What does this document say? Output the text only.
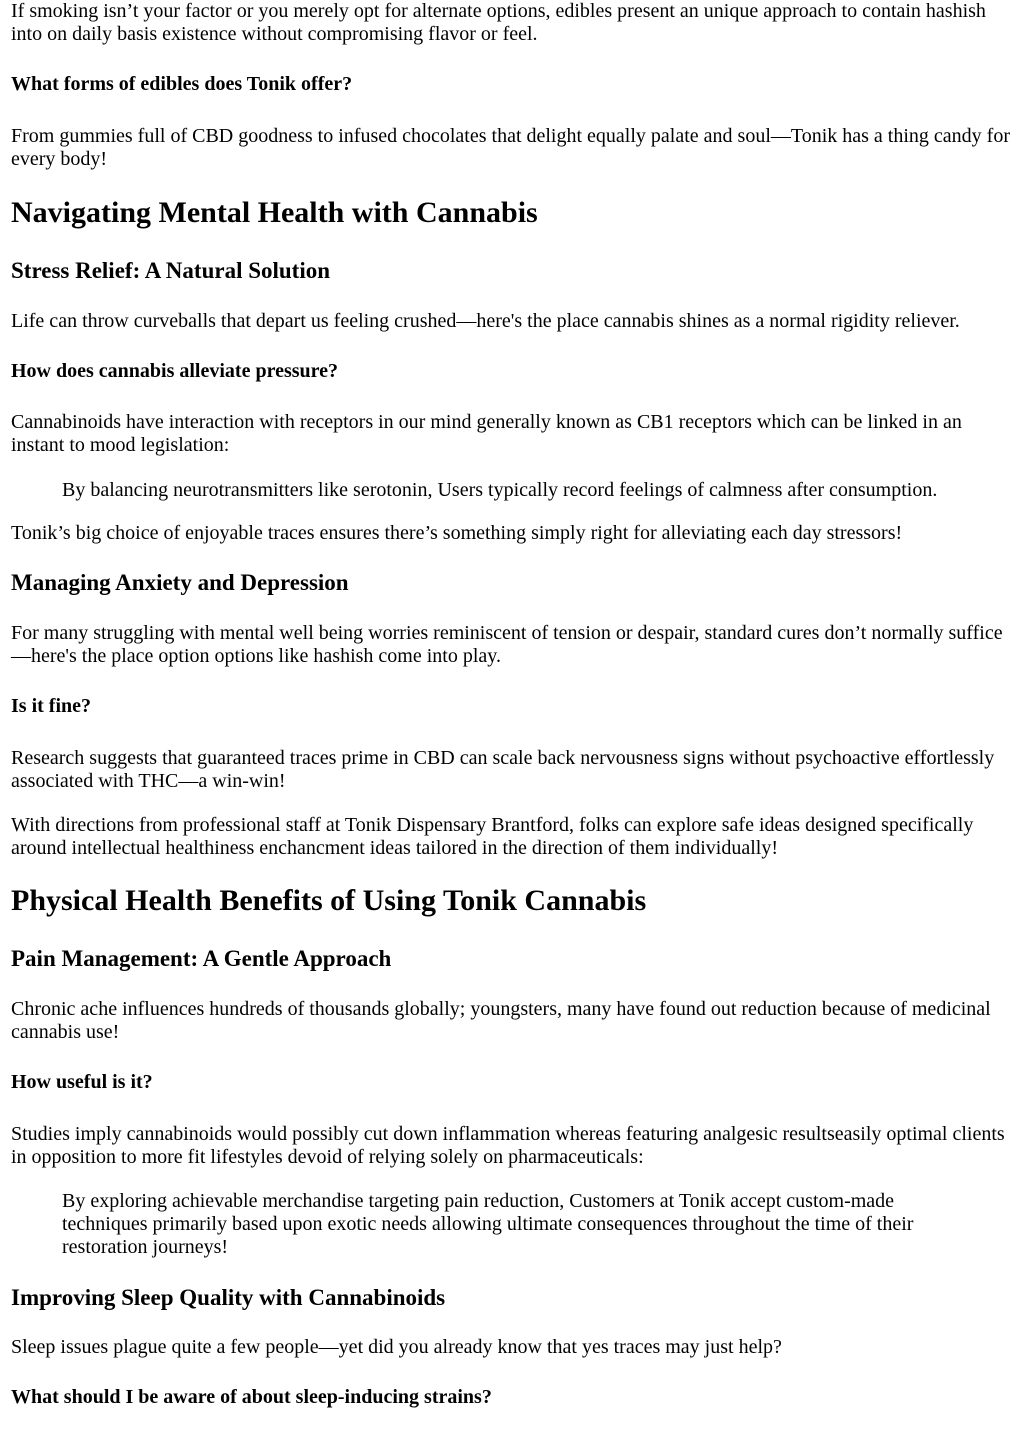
If smoking isn’t your factor or you merely opt for alternate options, edibles present an unique approach to contain hashish into on daily basis existence without compromising flavor or feel.

What forms of edibles does Tonik offer?

From gummies full of CBD goodness to infused chocolates that delight equally palate and soul—Tonik has a thing candy for every body!

Navigating Mental Health with Cannabis
Stress Relief: A Natural Solution

Life can throw curveballs that depart us feeling crushed—here's the place cannabis shines as a normal rigidity reliever.

How does cannabis alleviate pressure?

Cannabinoids have interaction with receptors in our mind generally known as CB1 receptors which can be linked in an instant to mood legislation:

By balancing neurotransmitters like serotonin, Users typically record feelings of calmness after consumption.

Tonik’s big choice of enjoyable traces ensures there’s something simply right for alleviating each day stressors!

Managing Anxiety and Depression

For many struggling with mental well being worries reminiscent of tension or despair, standard cures don’t normally suffice—here's the place option options like hashish come into play.

Is it fine?

Research suggests that guaranteed traces prime in CBD can scale back nervousness signs without psychoactive effortlessly associated with THC—a win-win!

With directions from professional staff at Tonik Dispensary Brantford, folks can explore safe ideas designed specifically around intellectual healthiness enchancment ideas tailored in the direction of them individually!

Physical Health Benefits of Using Tonik Cannabis
Pain Management: A Gentle Approach

Chronic ache influences hundreds of thousands globally; youngsters, many have found out reduction because of medicinal cannabis use!

How useful is it?

Studies imply cannabinoids would possibly cut down inflammation whereas featuring analgesic resultseasily optimal clients in opposition to more fit lifestyles devoid of relying solely on pharmaceuticals:

By exploring achievable merchandise targeting pain reduction, Customers at Tonik accept custom-made techniques primarily based upon exotic needs allowing ultimate consequences throughout the time of their restoration journeys!
Improving Sleep Quality with Cannabinoids

Sleep issues plague quite a few people—yet did you already know that yes traces may just help?

What should I be aware of about sleep-inducing strains?
